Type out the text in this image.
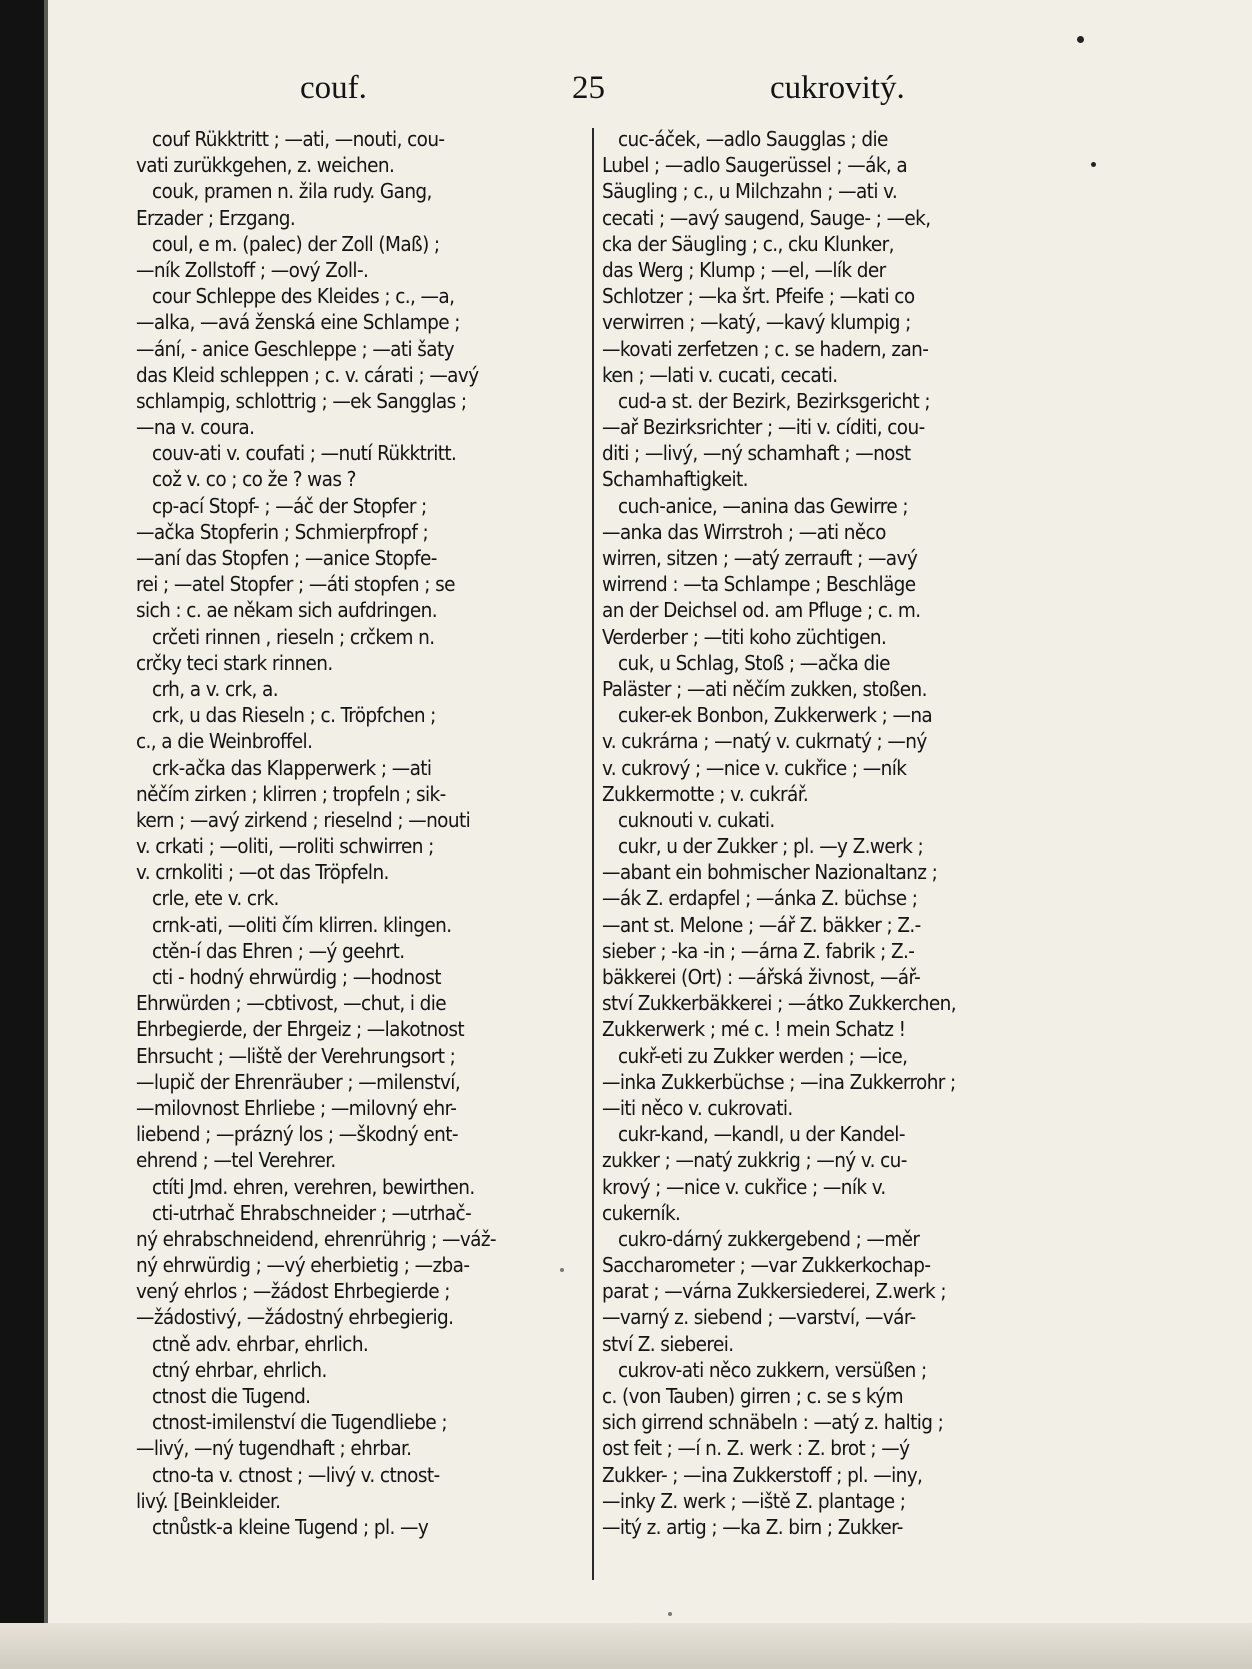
couf.	25	cukrovitý.
couf Rükktritt ; —ati, —nouti, cou-
vati zurükkgehen, z. weichen.
couk, pramen n. žila rudy. Gang,
Erzader ; Erzgang.
coul, e m. (palec) der Zoll (Maß) ;
—ník Zollstoff ; —ový Zoll-.
cour Schleppe des Kleides ; c., —a,
—alka, —avá ženská eine Schlampe ;
—ání, - anice Geschleppe ; —ati šaty
das Kleid schleppen ; c. v. cárati ; —avý
schlampig, schlottrig ; —ek Sangglas ;
—na v. coura.
couv-ati v. coufati ; —nutí Rükktritt.
což v. co ; co že ? was ?
cp-ací Stopf- ; —áč der Stopfer ;
—ačka Stopferin ; Schmierpfropf ;
—aní das Stopfen ; —anice Stopfe-
rei ; —atel Stopfer ; —áti stopfen ; se
sich : c. ae někam sich aufdringen.
crčeti rinnen , rieseln ; crčkem n.
crčky teci stark rinnen.
crh, a v. crk, a.
crk, u das Rieseln ; c. Tröpfchen ;
c., a die Weinbroffel.
crk-ačka das Klapperwerk ; —ati
něčím zirken ; klirren ; tropfeln ; sik-
kern ; —avý zirkend ; rieselnd ; —nouti
v. crkati ; —oliti, —roliti schwirren ;
v. crnkoliti ; —ot das Tröpfeln.
crle, ete v. crk.
crnk-ati, —oliti čím klirren. klingen.
ctěn-í das Ehren ; —ý geehrt.
cti - hodný ehrwürdig ; —hodnost
Ehrwürden ; —cbtivost, —chut, i die
Ehrbegierde, der Ehrgeiz ; —lakotnost
Ehrsucht ; —liště der Verehrungsort ;
—lupič der Ehrenräuber ; —milenství,
—milovnost Ehrliebe ; —milovný ehr-
liebend ; —prázný los ; —škodný ent-
ehrend ; —tel Verehrer.
ctíti Jmd. ehren, verehren, bewirthen.
cti-utrhač Ehrabschneider ; —utrhač-
ný ehrabschneidend, ehrenrührig ; —váž-
ný ehrwürdig ; —vý eherbietig ; —zba-
vený ehrlos ; —žádost Ehrbegierde ;
—žádostivý, —žádostný ehrbegierig.
ctně adv. ehrbar, ehrlich.
ctný ehrbar, ehrlich.
ctnost die Tugend.
ctnost-imilenství die Tugendliebe ;
—livý, —ný tugendhaft ; ehrbar.
ctno-ta v. ctnost ; —livý v. ctnost-
livý. [Beinkleider.
ctnůstk-a kleine Tugend ; pl. —y
cuc-áček, —adlo Saugglas ; die
Lubel ; —adlo Saugerüssel ; —ák, a
Säugling ; c., u Milchzahn ; —ati v.
cecati ; —avý saugend, Sauge- ; —ek,
cka der Säugling ; c., cku Klunker,
das Werg ; Klump ; —el, —lík der
Schlotzer ; —ka šrt. Pfeife ; —kati co
verwirren ; —katý, —kavý klumpig ;
—kovati zerfetzen ; c. se hadern, zan-
ken ; —lati v. cucati, cecati.
cud-a st. der Bezirk, Bezirksgericht ;
—ař Bezirksrichter ; —iti v. cíditi, cou-
diti ; —livý, —ný schamhaft ; —nost
Schamhaftigkeit.
cuch-anice, —anina das Gewirre ;
—anka das Wirrstroh ; —ati něco
wirren, sitzen ; —atý zerrauft ; —avý
wirrend : —ta Schlampe ; Beschläge
an der Deichsel od. am Pfluge ; c. m.
Verderber ; —titi koho züchtigen.
cuk, u Schlag, Stoß ; —ačka die
Paläster ; —ati něčím zukken, stoßen.
cuker-ek Bonbon, Zukkerwerk ; —na
v. cukrárna ; —natý v. cukrnatý ; —ný
v. cukrový ; —nice v. cukřice ; —ník
Zukkermotte ; v. cukrář.
cuknouti v. cukati.
cukr, u der Zukker ; pl. —y Z.werk ;
—abant ein bohmischer Nazionaltanz ;
—ák Z. erdapfel ; —ánka Z. büchse ;
—ant st. Melone ; —ář Z. bäkker ; Z.-
sieber ; -ka -in ; —árna Z. fabrik ; Z.-
bäkkerei (Ort) : —ářská živnost, —ář-
ství Zukkerbäkkerei ; —átko Zukkerchen,
Zukkerwerk ; mé c. ! mein Schatz !
cukř-eti zu Zukker werden ; —ice,
—inka Zukkerbüchse ; —ina Zukkerrohr ;
—iti něco v. cukrovati.
cukr-kand, —kandl, u der Kandel-
zukker ; —natý zukkrig ; —ný v. cu-
krový ; —nice v. cukřice ; —ník v.
cukerník.
cukro-dárný zukkergebend ; —měr
Saccharometer ; —var Zukkerkochap-
parat ; —várna Zukkersiederei, Z.werk ;
—varný z. siebend ; —varství, —vár-
ství Z. sieberei.
cukrov-ati něco zukkern, versüßen ;
c. (von Tauben) girren ; c. se s kým
sich girrend schnäbeln : —atý z. haltig ;
ost feit ; —í n. Z. werk : Z. brot ; —ý
Zukker- ; —ina Zukkerstoff ; pl. —iny,
—inky Z. werk ; —iště Z. plantage ;
—itý z. artig ; —ka Z. birn ; Zukker-
